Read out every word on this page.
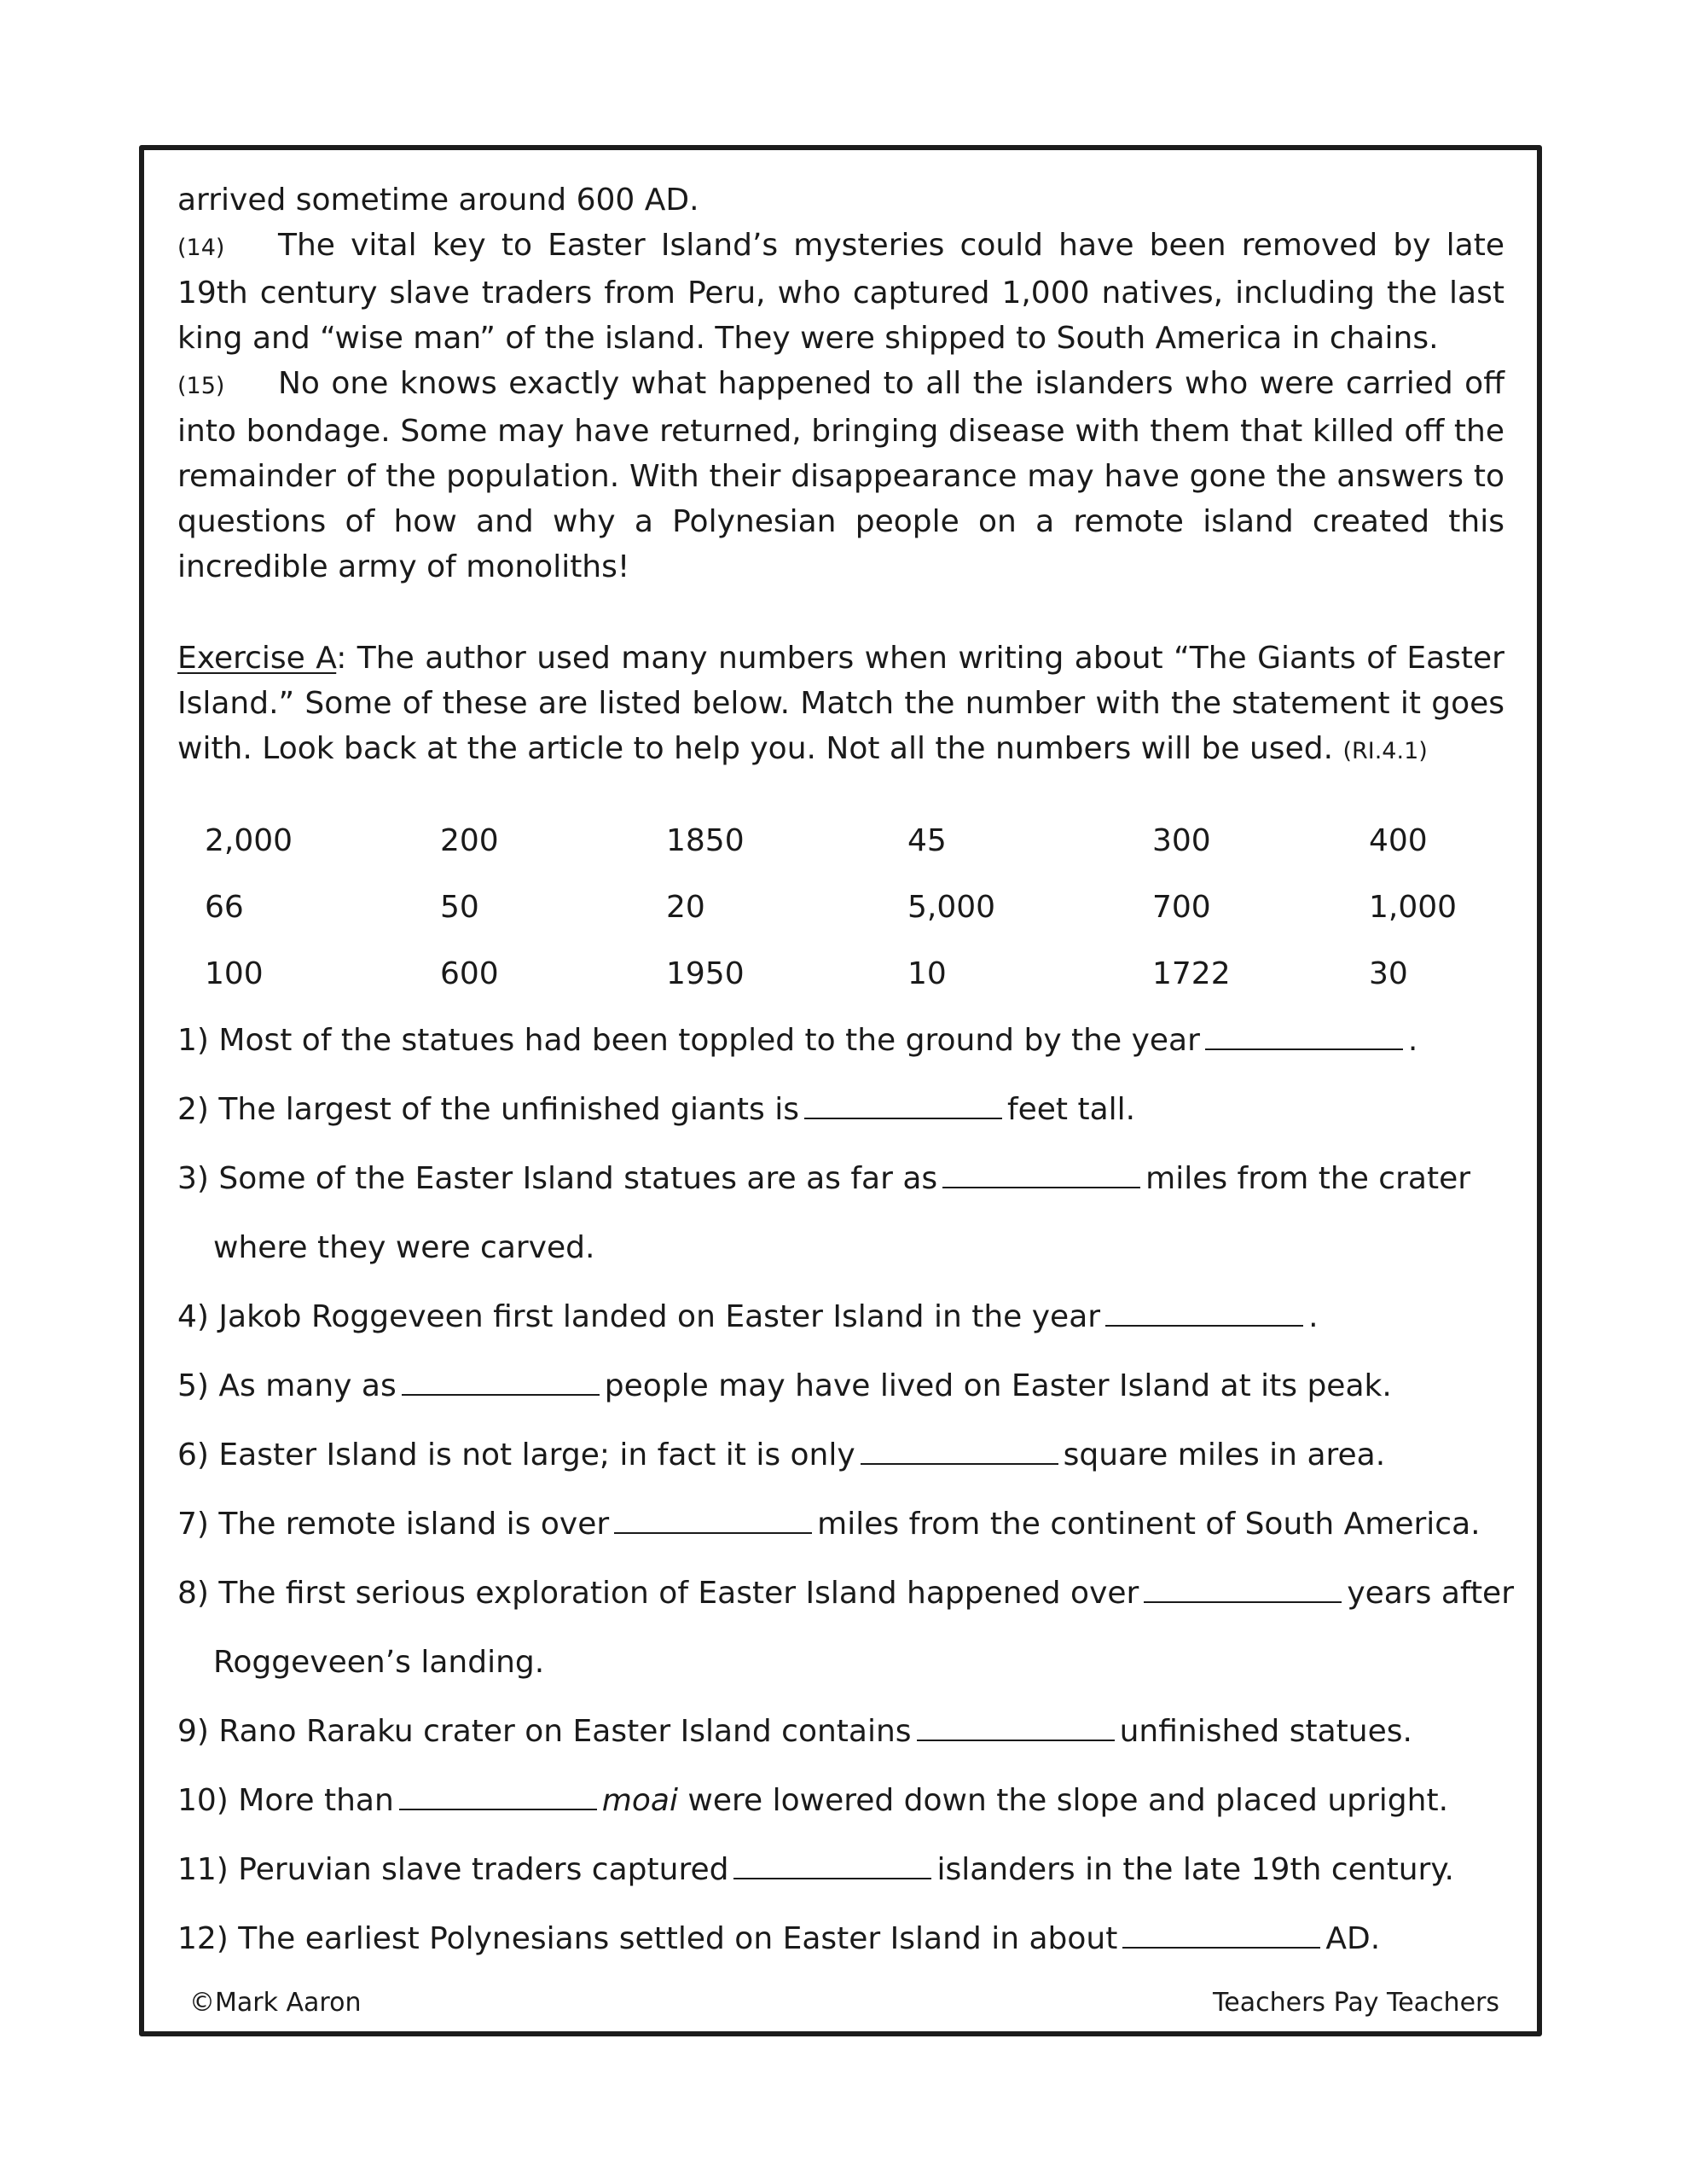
arrived sometime around 600 AD.

(14) The vital key to Easter Island’s mysteries could have been removed by late 19th century slave traders from Peru, who captured 1,000 natives, including the last king and “wise man” of the island. They were shipped to South America in chains.

(15) No one knows exactly what happened to all the islanders who were carried off into bondage. Some may have returned, bringing disease with them that killed off the remainder of the population. With their disappearance may have gone the answers to questions of how and why a Polynesian people on a remote island created this incredible army of monoliths!

Exercise A: The author used many numbers when writing about “The Giants of Easter Island.” Some of these are listed below. Match the number with the statement it goes with. Look back at the article to help you. Not all the numbers will be used. (RI.4.1)

2,000	200	1850	45	300	400
66	50	20	5,000	700	1,000
100	600	1950	10	1722	30

1) Most of the statues had been toppled to the ground by the year	.

2) The largest of the unfinished giants is	feet tall.

3) Some of the Easter Island statues are as far as	miles from the crater

where they were carved.

4) Jakob Roggeveen first landed on Easter Island in the year	.

5) As many as	people may have lived on Easter Island at its peak.

6) Easter Island is not large; in fact it is only	square miles in area.

7) The remote island is over	miles from the continent of South America.

8) The first serious exploration of Easter Island happened over	years after

Roggeveen’s landing.

9) Rano Raraku crater on Easter Island contains	unfinished statues.

10) More than	moai were lowered down the slope and placed upright.

11) Peruvian slave traders captured	islanders in the late 19th century.

12) The earliest Polynesians settled on Easter Island in about	AD.

©Mark Aaron	Teachers Pay Teachers
